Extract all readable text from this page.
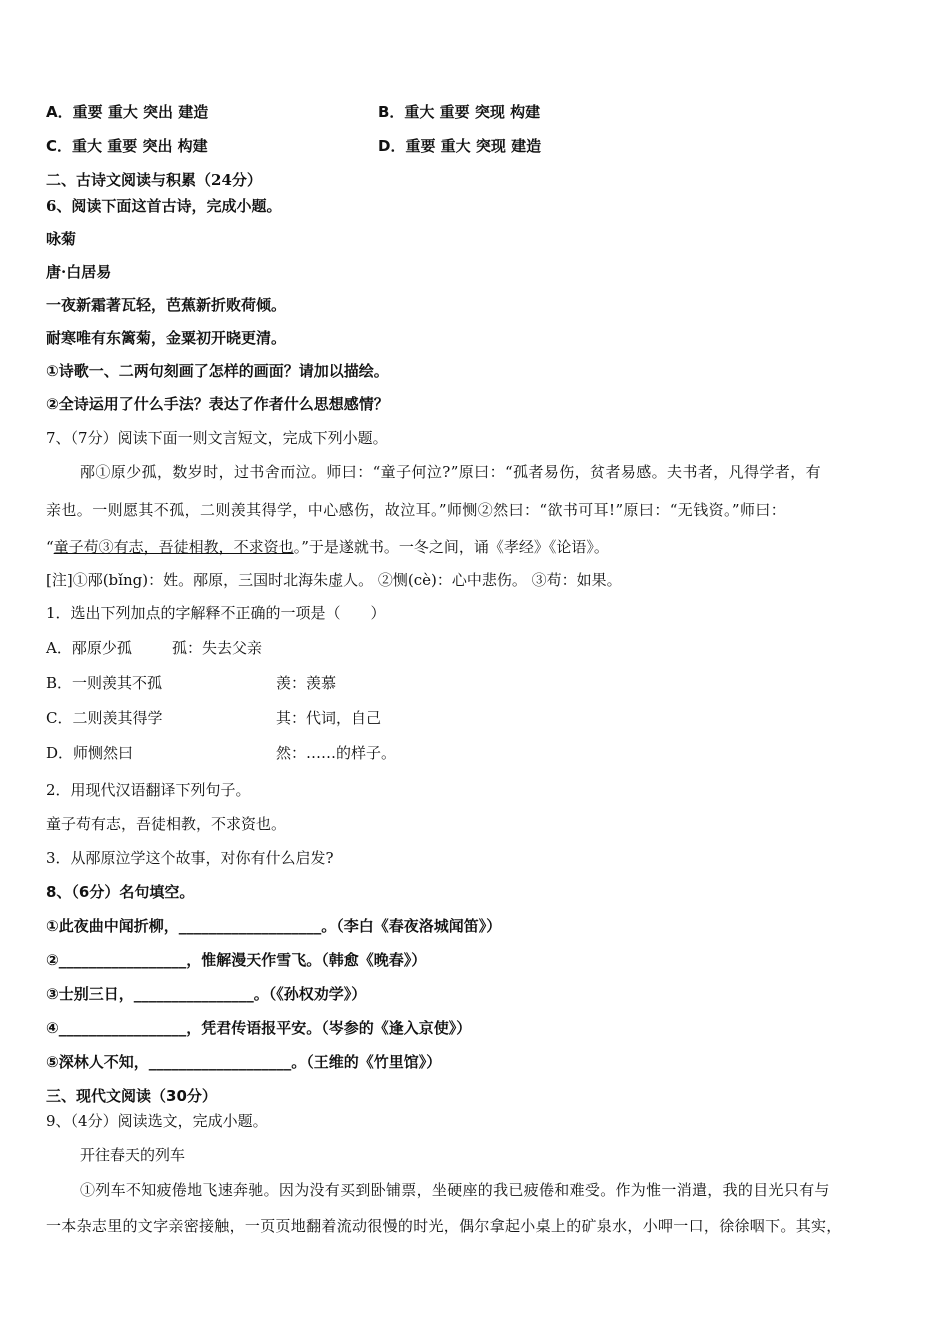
A．重要 重大 突出 建造	B．重大 重要 突现 构建
C．重大 重要 突出 构建	D．重要 重大 突现 建造
二、古诗文阅读与积累（24分）
6、阅读下面这首古诗，完成小题。
咏菊
唐·白居易
一夜新霜著瓦轻，芭蕉新折败荷倾。
耐寒唯有东篱菊，金粟初开晓更清。
①诗歌一、二两句刻画了怎样的画面？请加以描绘。
②全诗运用了什么手法？表达了作者什么思想感情？
7、（7分）阅读下面一则文言短文，完成下列小题。
邴①原少孤，数岁时，过书舍而泣。师曰：“童子何泣?”原曰：“孤者易伤，贫者易感。夫书者，凡得学者，有
亲也。一则愿其不孤，二则羡其得学，中心感伤，故泣耳。”师恻②然曰：“欲书可耳!”原曰：“无钱资。”师曰：
“童子苟③有志，吾徒相教，不求资也。”于是遂就书。一冬之间，诵《孝经》《论语》。
[注]①邴(bǐng)：姓。邴原，三国时北海朱虚人。 ②恻(cè)：心中悲伤。 ③苟：如果。
1．选出下列加点的字解释不正确的一项是（　　）
A．邴原少孤	孤：失去父亲
B．一则羡其不孤	羡：羡慕
C．二则羡其得学	其：代词，自己
D．师恻然曰	然：……的样子。
2．用现代汉语翻译下列句子。
童子苟有志，吾徒相教，不求资也。
3．从邴原泣学这个故事，对你有什么启发?
8、（6分）名句填空。
①此夜曲中闻折柳，___________________。（李白《春夜洛城闻笛》）
②_________________，惟解漫天作雪飞。（韩愈《晚春》）
③士别三日，________________。（《孙权劝学》）
④_________________，凭君传语报平安。（岑参的《逢入京使》）
⑤深林人不知，___________________。（王维的《竹里馆》）
三、现代文阅读（30分）
9、（4分）阅读选文，完成小题。
开往春天的列车
①列车不知疲倦地飞速奔驰。因为没有买到卧铺票，坐硬座的我已疲倦和难受。作为惟一消遣，我的目光只有与
一本杂志里的文字亲密接触，一页页地翻着流动很慢的时光，偶尔拿起小桌上的矿泉水，小呷一口，徐徐咽下。其实，
